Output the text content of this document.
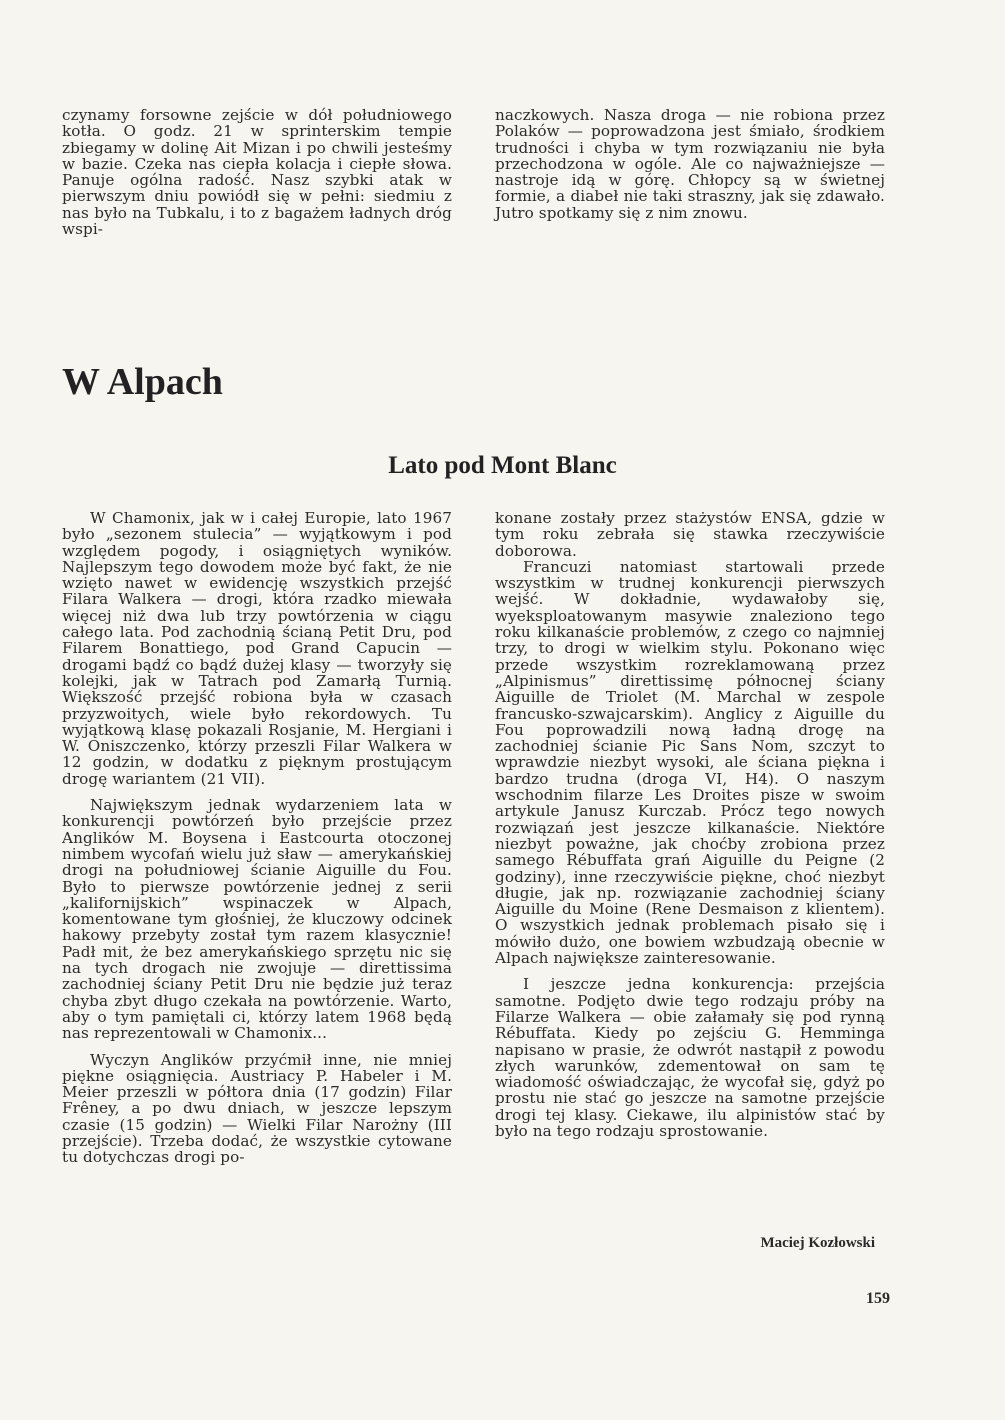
czynamy forsowne zejście w dół południowego kotła. O godz. 21 w sprinterskim tempie zbiegamy w dolinę Ait Mizan i po chwili jesteśmy w bazie. Czeka nas ciepła kolacja i ciepłe słowa. Panuje ogólna radość. Nasz szybki atak w pierwszym dniu powiódł się w pełni: siedmiu z nas było na Tubkalu, i to z bagażem ładnych dróg wspi-

naczkowych. Nasza droga — nie robiona przez Polaków — poprowadzona jest śmiało, środkiem trudności i chyba w tym rozwiązaniu nie była przechodzona w ogóle. Ale co najważniejsze — nastroje idą w górę. Chłopcy są w świetnej formie, a diabeł nie taki straszny, jak się zdawało. Jutro spotkamy się z nim znowu.

W Alpach
Lato pod Mont Blanc

W Chamonix, jak w i całej Europie, lato 1967 było „sezonem stulecia” — wyjątkowym i pod względem pogody, i osiągniętych wyników. Najlepszym tego dowodem może być fakt, że nie wzięto nawet w ewidencję wszystkich przejść Filara Walkera — drogi, która rzadko miewała więcej niż dwa lub trzy powtórzenia w ciągu całego lata. Pod zachodnią ścianą Petit Dru, pod Filarem Bonattiego, pod Grand Capucin — drogami bądź co bądź dużej klasy — tworzyły się kolejki, jak w Tatrach pod Zamarłą Turnią. Większość przejść robiona była w czasach przyzwoitych, wiele było rekordowych. Tu wyjątkową klasę pokazali Rosjanie, M. Hergiani i W. Oniszczenko, którzy przeszli Filar Walkera w 12 godzin, w dodatku z pięknym prostującym drogę wariantem (21 VII).

Największym jednak wydarzeniem lata w konkurencji powtórzeń było przejście przez Anglików M. Boysena i Eastcourta otoczonej nimbem wycofań wielu już sław — amerykańskiej drogi na południowej ścianie Aiguille du Fou. Było to pierwsze powtórzenie jednej z serii „kalifornijskich” wspinaczek w Alpach, komentowane tym głośniej, że kluczowy odcinek hakowy przebyty został tym razem klasycznie! Padł mit, że bez amerykańskiego sprzętu nic się na tych drogach nie zwojuje — direttissima zachodniej ściany Petit Dru nie będzie już teraz chyba zbyt długo czekała na powtórzenie. Warto, aby o tym pamiętali ci, którzy latem 1968 będą nas reprezentowali w Chamonix...

Wyczyn Anglików przyćmił inne, nie mniej piękne osiągnięcia. Austriacy P. Habeler i M. Meier przeszli w półtora dnia (17 godzin) Filar Frêney, a po dwu dniach, w jeszcze lepszym czasie (15 godzin) — Wielki Filar Narożny (III przejście). Trzeba dodać, że wszystkie cytowane tu dotychczas drogi po-

konane zostały przez stażystów ENSA, gdzie w tym roku zebrała się stawka rzeczywiście doborowa.

Francuzi natomiast startowali przede wszystkim w trudnej konkurencji pierwszych wejść. W dokładnie, wydawałoby się, wyeksploatowanym masywie znaleziono tego roku kilkanaście problemów, z czego co najmniej trzy, to drogi w wielkim stylu. Pokonano więc przede wszystkim rozreklamowaną przez „Alpinismus” direttissimę północnej ściany Aiguille de Triolet (M. Marchal w zespole francusko-szwajcarskim). Anglicy z Aiguille du Fou poprowadzili nową ładną drogę na zachodniej ścianie Pic Sans Nom, szczyt to wprawdzie niezbyt wysoki, ale ściana piękna i bardzo trudna (droga VI, H4). O naszym wschodnim filarze Les Droites pisze w swoim artykule Janusz Kurczab. Prócz tego nowych rozwiązań jest jeszcze kilkanaście. Niektóre niezbyt poważne, jak choćby zrobiona przez samego Rébuffata grań Aiguille du Peigne (2 godziny), inne rzeczywiście piękne, choć niezbyt długie, jak np. rozwiązanie zachodniej ściany Aiguille du Moine (Rene Desmaison z klientem). O wszystkich jednak problemach pisało się i mówiło dużo, one bowiem wzbudzają obecnie w Alpach największe zainteresowanie.

I jeszcze jedna konkurencja: przejścia samotne. Podjęto dwie tego rodzaju próby na Filarze Walkera — obie załamały się pod rynną Rébuffata. Kiedy po zejściu G. Hemminga napisano w prasie, że odwrót nastąpił z powodu złych warunków, zdementował on sam tę wiadomość oświadczając, że wycofał się, gdyż po prostu nie stać go jeszcze na samotne przejście drogi tej klasy. Ciekawe, ilu alpinistów stać by było na tego rodzaju sprostowanie.

Maciej Kozłowski
159
